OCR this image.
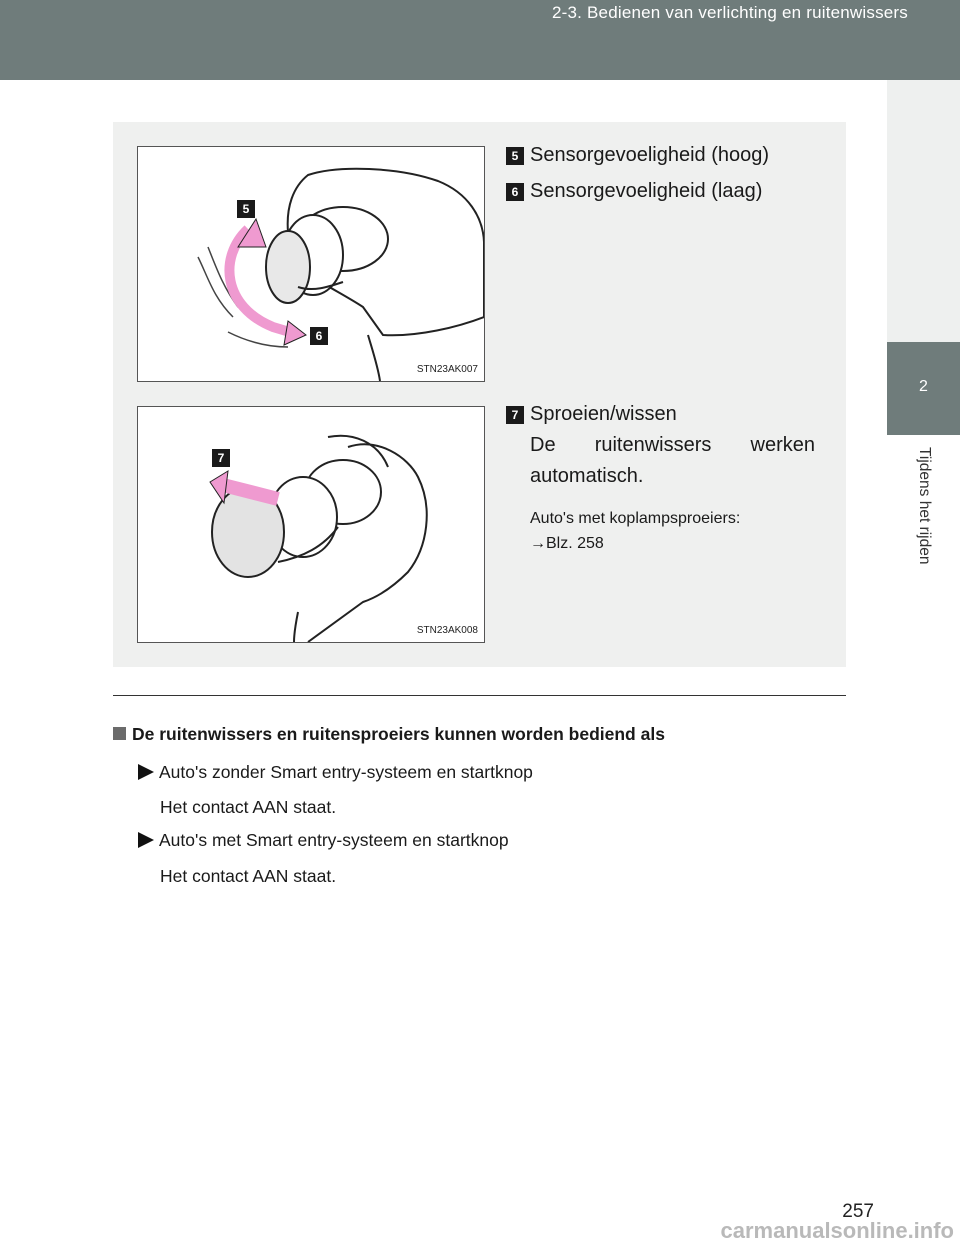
2-3. Bedienen van verlichting en ruitenwissers
2
Tijdens het rijden
5
6
STN23AK007
7
STN23AK008
5 Sensorgevoeligheid (hoog)
6 Sensorgevoeligheid (laag)
7 Sproeien/wissen
De ruitenwissers werken automatisch.
Auto's met koplampsproeiers:
→Blz. 258
De ruitenwissers en ruitensproeiers kunnen worden bediend als
Auto's zonder Smart entry-systeem en startknop
Het contact AAN staat.
Auto's met Smart entry-systeem en startknop
Het contact AAN staat.
257
carmanualsonline.info
